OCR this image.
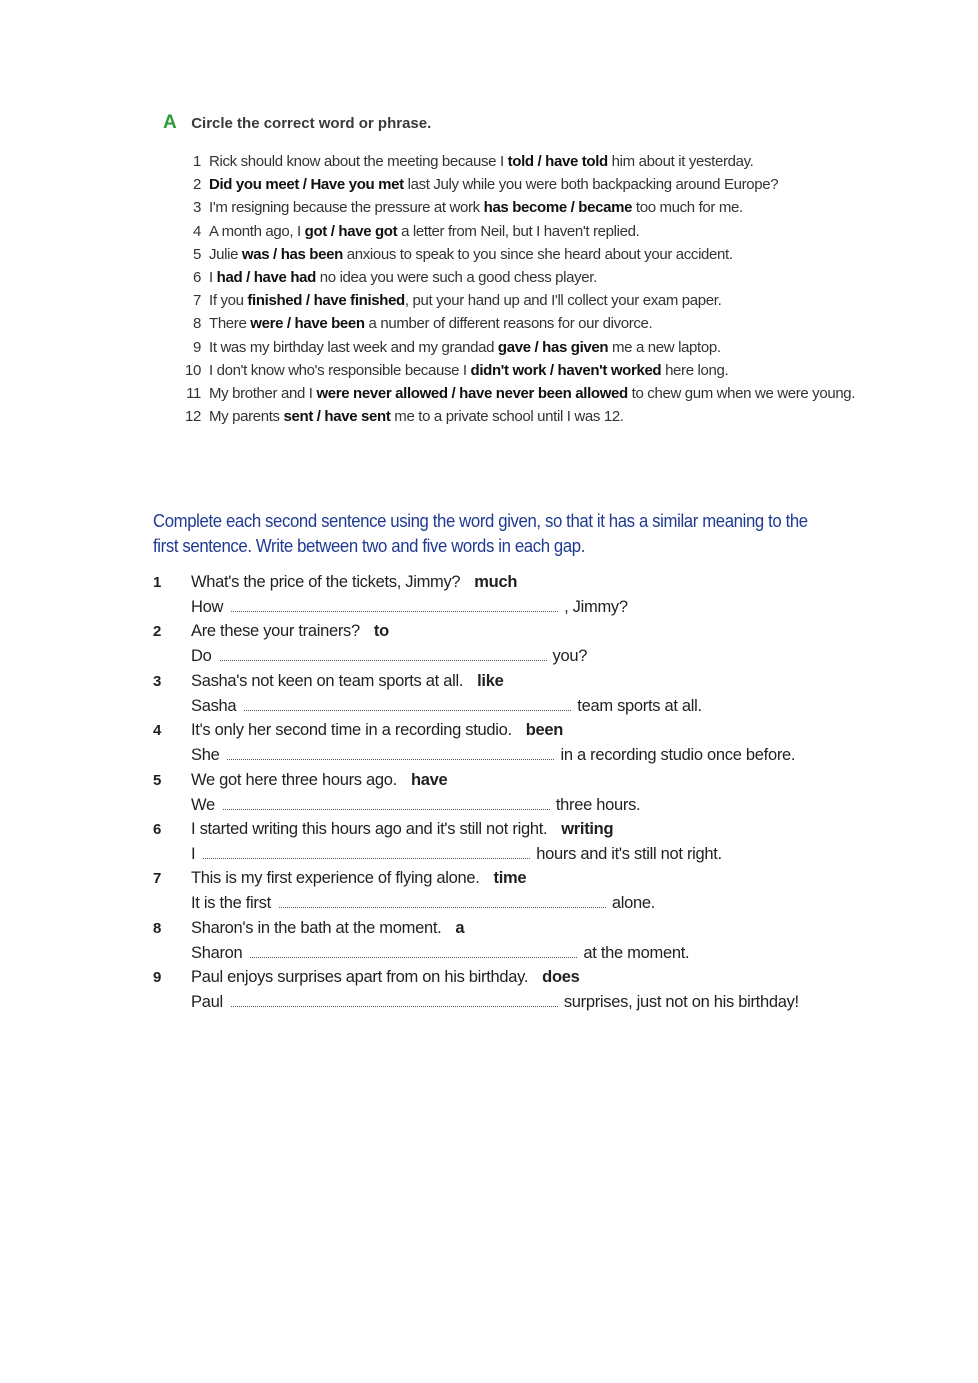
A Circle the correct word or phrase.
1 Rick should know about the meeting because I told / have told him about it yesterday.
2 Did you meet / Have you met last July while you were both backpacking around Europe?
3 I'm resigning because the pressure at work has become / became too much for me.
4 A month ago, I got / have got a letter from Neil, but I haven't replied.
5 Julie was / has been anxious to speak to you since she heard about your accident.
6 I had / have had no idea you were such a good chess player.
7 If you finished / have finished, put your hand up and I'll collect your exam paper.
8 There were / have been a number of different reasons for our divorce.
9 It was my birthday last week and my grandad gave / has given me a new laptop.
10 I don't know who's responsible because I didn't work / haven't worked here long.
11 My brother and I were never allowed / have never been allowed to chew gum when we were young.
12 My parents sent / have sent me to a private school until I was 12.
Complete each second sentence using the word given, so that it has a similar meaning to the
first sentence. Write between two and five words in each gap.
1 What's the price of the tickets, Jimmy? much
How	, Jimmy?
2 Are these your trainers? to
Do	you?
3 Sasha's not keen on team sports at all. like
Sasha	team sports at all.
4 It's only her second time in a recording studio. been
She	in a recording studio once before.
5 We got here three hours ago. have
We	three hours.
6 I started writing this hours ago and it's still not right. writing
I	hours and it's still not right.
7 This is my first experience of flying alone. time
It is the first	alone.
8 Sharon's in the bath at the moment. a
Sharon	at the moment.
9 Paul enjoys surprises apart from on his birthday. does
Paul	surprises, just not on his birthday!
